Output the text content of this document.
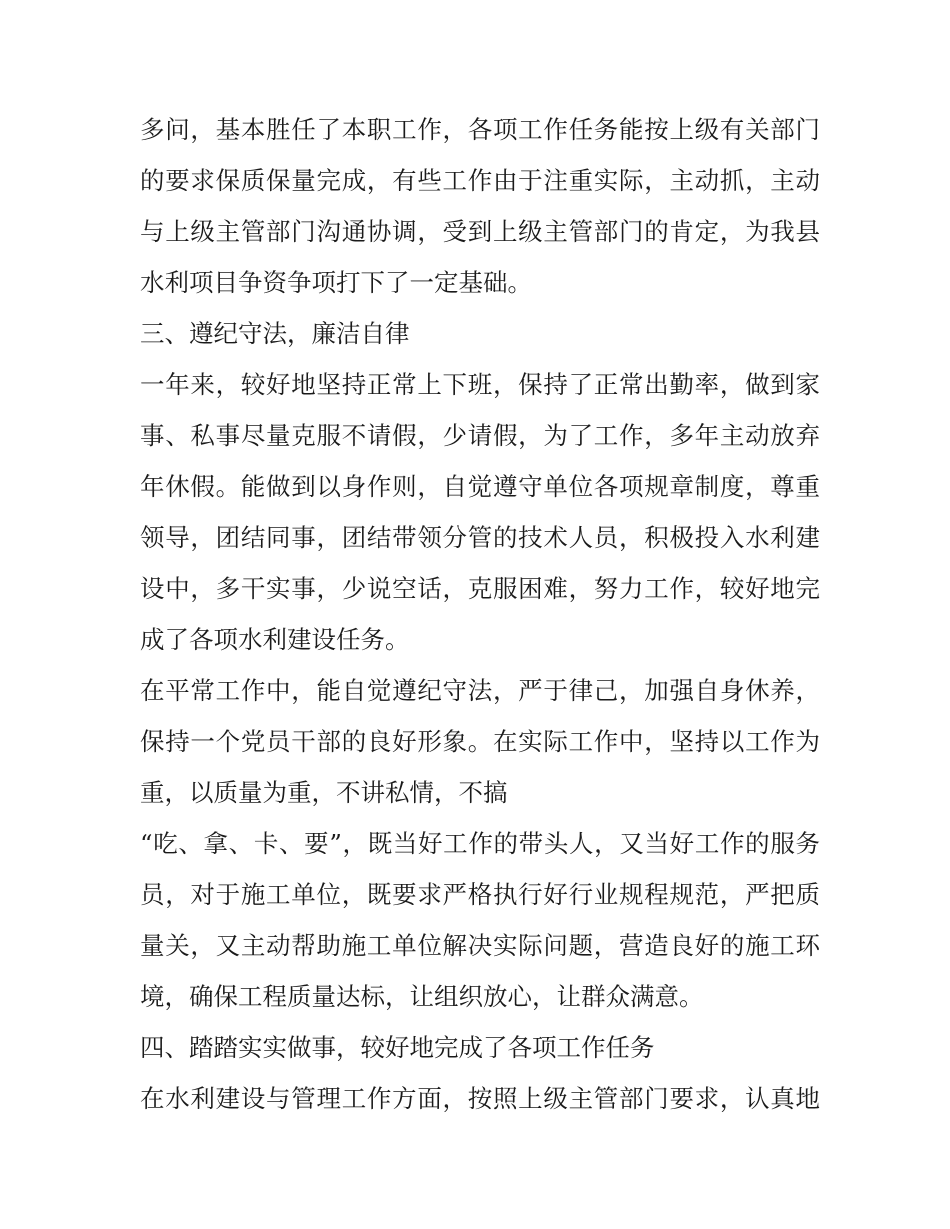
多问，基本胜任了本职工作，各项工作任务能按上级有关部门
的要求保质保量完成，有些工作由于注重实际，主动抓，主动
与上级主管部门沟通协调，受到上级主管部门的肯定，为我县
水利项目争资争项打下了一定基础。
三、遵纪守法，廉洁自律
一年来，较好地坚持正常上下班，保持了正常出勤率，做到家
事、私事尽量克服不请假，少请假，为了工作，多年主动放弃
年休假。能做到以身作则，自觉遵守单位各项规章制度，尊重
领导，团结同事，团结带领分管的技术人员，积极投入水利建
设中，多干实事，少说空话，克服困难，努力工作，较好地完
成了各项水利建设任务。
在平常工作中，能自觉遵纪守法，严于律己，加强自身休养，
保持一个党员干部的良好形象。在实际工作中，坚持以工作为
重，以质量为重，不讲私情，不搞
“吃、拿、卡、要”，既当好工作的带头人，又当好工作的服务
员，对于施工单位，既要求严格执行好行业规程规范，严把质
量关，又主动帮助施工单位解决实际问题，营造良好的施工环
境，确保工程质量达标，让组织放心，让群众满意。
四、踏踏实实做事，较好地完成了各项工作任务
在水利建设与管理工作方面，按照上级主管部门要求，认真地
